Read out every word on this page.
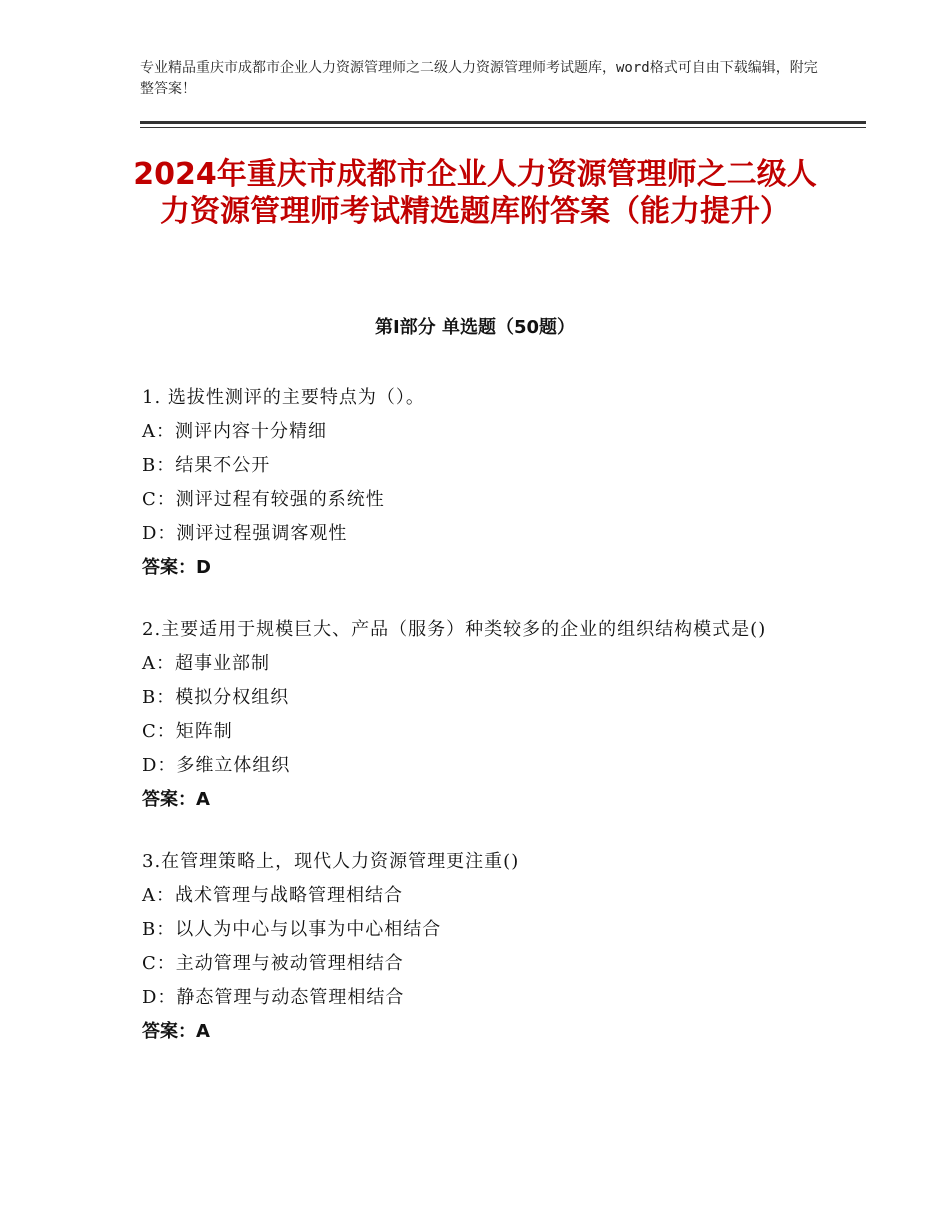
专业精品重庆市成都市企业人力资源管理师之二级人力资源管理师考试题库，word格式可自由下载编辑，附完整答案！
2024年重庆市成都市企业人力资源管理师之二级人力资源管理师考试精选题库附答案（能力提升）
第Ⅰ部分 单选题（50题）
1. 选拔性测评的主要特点为（）。
A：测评内容十分精细
B：结果不公开
C：测评过程有较强的系统性
D：测评过程强调客观性
答案：D
2.主要适用于规模巨大、产品（服务）种类较多的企业的组织结构模式是()
A：超事业部制
B：模拟分权组织
C：矩阵制
D：多维立体组织
答案：A
3.在管理策略上，现代人力资源管理更注重()
A：战术管理与战略管理相结合
B：以人为中心与以事为中心相结合
C：主动管理与被动管理相结合
D：静态管理与动态管理相结合
答案：A
